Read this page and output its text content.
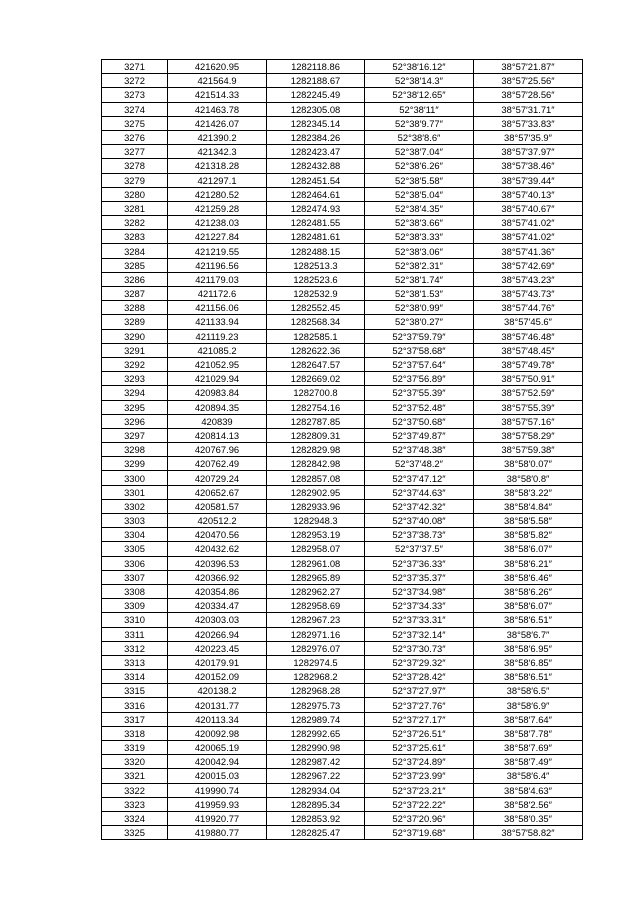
3271	421620.95	1282118.86	52°38′16.12″	38°57′21.87″
3272	421564.9	1282188.67	52°38′14.3″	38°57′25.56″
3273	421514.33	1282245.49	52°38′12.65″	38°57′28.56″
3274	421463.78	1282305.08	52°38′11″	38°57′31.71″
3275	421426.07	1282345.14	52°38′9.77″	38°57′33.83″
3276	421390.2	1282384.26	52°38′8.6″	38°57′35.9″
3277	421342.3	1282423.47	52°38′7.04″	38°57′37.97″
3278	421318.28	1282432.88	52°38′6.26″	38°57′38.46″
3279	421297.1	1282451.54	52°38′5.58″	38°57′39.44″
3280	421280.52	1282464.61	52°38′5.04″	38°57′40.13″
3281	421259.28	1282474.93	52°38′4.35″	38°57′40.67″
3282	421238.03	1282481.55	52°38′3.66″	38°57′41.02″
3283	421227.84	1282481.61	52°38′3.33″	38°57′41.02″
3284	421219.55	1282488.15	52°38′3.06″	38°57′41.36″
3285	421196.56	1282513.3	52°38′2.31″	38°57′42.69″
3286	421179.03	1282523.6	52°38′1.74″	38°57′43.23″
3287	421172.6	1282532.9	52°38′1.53″	38°57′43.73″
3288	421156.06	1282552.45	52°38′0.99″	38°57′44.76″
3289	421133.94	1282568.34	52°38′0.27″	38°57′45.6″
3290	421119.23	1282585.1	52°37′59.79″	38°57′46.48″
3291	421085.2	1282622.36	52°37′58.68″	38°57′48.45″
3292	421052.95	1282647.57	52°37′57.64″	38°57′49.78″
3293	421029.94	1282669.02	52°37′56.89″	38°57′50.91″
3294	420983.84	1282700.8	52°37′55.39″	38°57′52.59″
3295	420894.35	1282754.16	52°37′52.48″	38°57′55.39″
3296	420839	1282787.85	52°37′50.68″	38°57′57.16″
3297	420814.13	1282809.31	52°37′49.87″	38°57′58.29″
3298	420767.96	1282829.98	52°37′48.38″	38°57′59.38″
3299	420762.49	1282842.98	52°37′48.2″	38°58′0.07″
3300	420729.24	1282857.08	52°37′47.12″	38°58′0.8″
3301	420652.67	1282902.95	52°37′44.63″	38°58′3.22″
3302	420581.57	1282933.96	52°37′42.32″	38°58′4.84″
3303	420512.2	1282948.3	52°37′40.08″	38°58′5.58″
3304	420470.56	1282953.19	52°37′38.73″	38°58′5.82″
3305	420432.62	1282958.07	52°37′37.5″	38°58′6.07″
3306	420396.53	1282961.08	52°37′36.33″	38°58′6.21″
3307	420366.92	1282965.89	52°37′35.37″	38°58′6.46″
3308	420354.86	1282962.27	52°37′34.98″	38°58′6.26″
3309	420334.47	1282958.69	52°37′34.33″	38°58′6.07″
3310	420303.03	1282967.23	52°37′33.31″	38°58′6.51″
3311	420266.94	1282971.16	52°37′32.14″	38°58′6.7″
3312	420223.45	1282976.07	52°37′30.73″	38°58′6.95″
3313	420179.91	1282974.5	52°37′29.32″	38°58′6.85″
3314	420152.09	1282968.2	52°37′28.42″	38°58′6.51″
3315	420138.2	1282968.28	52°37′27.97″	38°58′6.5″
3316	420131.77	1282975.73	52°37′27.76″	38°58′6.9″
3317	420113.34	1282989.74	52°37′27.17″	38°58′7.64″
3318	420092.98	1282992.65	52°37′26.51″	38°58′7.78″
3319	420065.19	1282990.98	52°37′25.61″	38°58′7.69″
3320	420042.94	1282987.42	52°37′24.89″	38°58′7.49″
3321	420015.03	1282967.22	52°37′23.99″	38°58′6.4″
3322	419990.74	1282934.04	52°37′23.21″	38°58′4.63″
3323	419959.93	1282895.34	52°37′22.22″	38°58′2.56″
3324	419920.77	1282853.92	52°37′20.96″	38°58′0.35″
3325	419880.77	1282825.47	52°37′19.68″	38°57′58.82″
